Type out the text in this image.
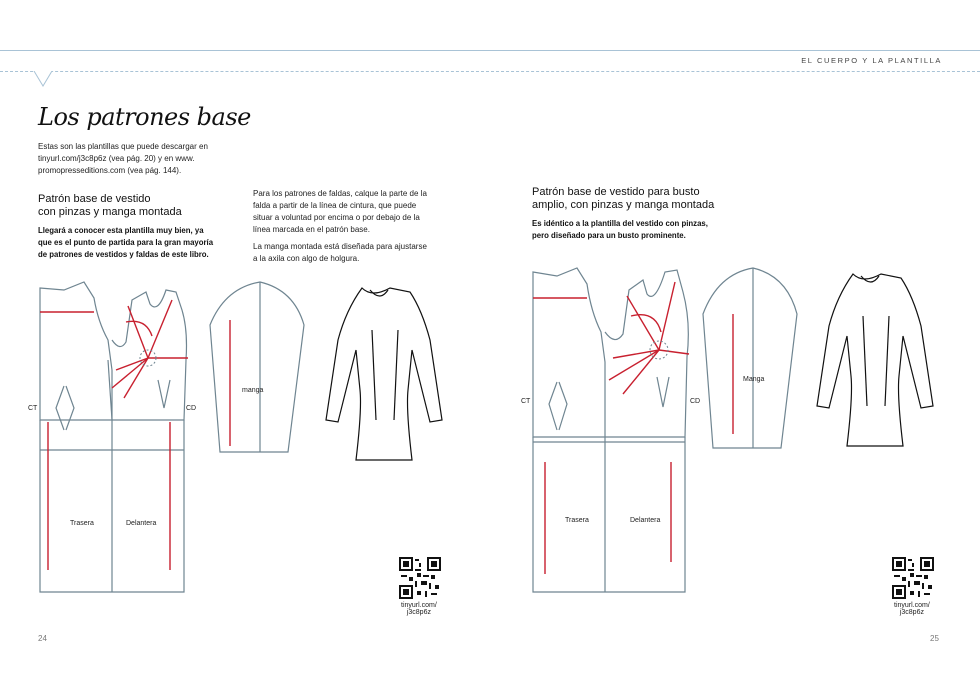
EL CUERPO Y LA PLANTILLA
Los patrones base
Estas son las plantillas que puede descargar en
tinyurl.com/j3c8p6z (vea pág. 20) y en www.
promopresseditions.com (vea pág. 144).
Patrón base de vestido
con pinzas y manga montada
Llegará a conocer esta plantilla muy bien, ya
que es el punto de partida para la gran mayoría
de patrones de vestidos y faldas de este libro.
Para los patrones de faldas, calque la parte de la
falda a partir de la línea de cintura, que puede
situar a voluntad por encima o por debajo de la
línea marcada en el patrón base.
La manga montada está diseñada para ajustarse
a la axila con algo de holgura.
CT	CD
Trasera	Delantera
manga
tinyurl.com/
j3c8p6z
24
Patrón base de vestido para busto
amplio, con pinzas y manga montada
Es idéntico a la plantilla del vestido con pinzas,
pero diseñado para un busto prominente.
CT	CD
Trasera	Delantera
Manga
tinyurl.com/
j3c8p6z
25
